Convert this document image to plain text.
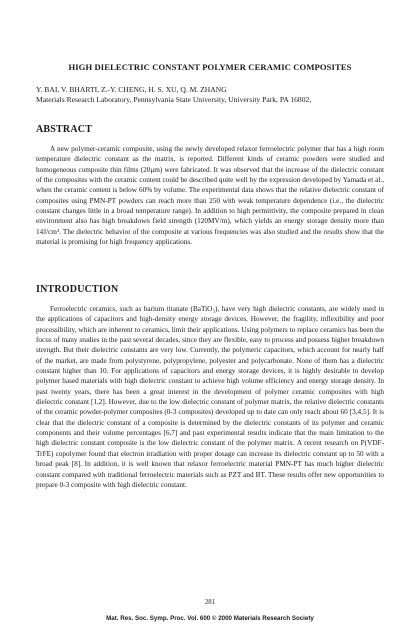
HIGH DIELECTRIC CONSTANT POLYMER CERAMIC COMPOSITES
Y. BAI, V. BHARTI, Z.-Y. CHENG, H. S. XU, Q. M. ZHANG
Materials Research Laboratory, Pennsylvania State University, University Park, PA 16802,
ABSTRACT

A new polymer-ceramic composite, using the newly developed relaxor ferroelectric polymer that has a high room temperature dielectric constant as the matrix, is reported. Different kinds of ceramic powders were studied and homogeneous composite thin films (20μm) were fabricated. It was observed that the increase of the dielectric constant of the composites with the ceramic content could be described quite well by the expression developed by Yamada et al., when the ceramic content is below 60% by volume. The experimental data shows that the relative dielectric constant of composites using PMN-PT powders can reach more than 250 with weak temperature dependence (i.e., the dielectric constant changes little in a broad temperature range). In addition to high permittivity, the composite prepared in clean environment also has high breakdown field strength (120MV/m), which yields an energy storage density more than 14J/cm³. The dielectric behavior of the composite at various frequencies was also studied and the results show that the material is promising for high frequency applications.

INTRODUCTION

Ferroelectric ceramics, such as barium titanate (BaTiO₃), have very high dielectric constants, are widely used in the applications of capacitors and high-density energy storage devices. However, the fragility, inflexibility and poor processibility, which are inherent to ceramics, limit their applications. Using polymers to replace ceramics has been the focus of many studies in the past several decades, since they are flexible, easy to process and possess higher breakdown strength. But their dielectric constants are very low. Currently, the polymeric capacitors, which account for nearly half of the market, are made from polystyrene, polypropylene, polyester and polycarbonate. None of them has a dielectric constant higher than 10. For applications of capacitors and energy storage devices, it is highly desirable to develop polymer based materials with high dielectric constant to achieve high volume efficiency and energy storage density. In past twenty years, there has been a great interest in the development of polymer ceramic composites with high dielectric constant [1,2]. However, due to the low dielectric constant of polymer matrix, the relative dielectric constants of the ceramic powder-polymer composites (0-3 composites) developed up to date can only reach about 60 [3,4,5]. It is clear that the dielectric constant of a composite is determined by the dielectric constants of its polymer and ceramic components and their volume percentages [6,7] and past experimental results indicate that the main limitation to the high dielectric constant composite is the low dielectric constant of the polymer matrix. A recent research on P(VDF-TrFE) copolymer found that electron irradiation with proper dosage can increase its dielectric constant up to 50 with a broad peak [8]. In addition, it is well known that relaxor ferroelectric material PMN-PT has much higher dielectric constant compared with traditional ferroelectric materials such as PZT and BT. These results offer new opportunities to prepare 0-3 composite with high dielectric constant.

281
Mat. Res. Soc. Symp. Proc. Vol. 600 © 2000 Materials Research Society
